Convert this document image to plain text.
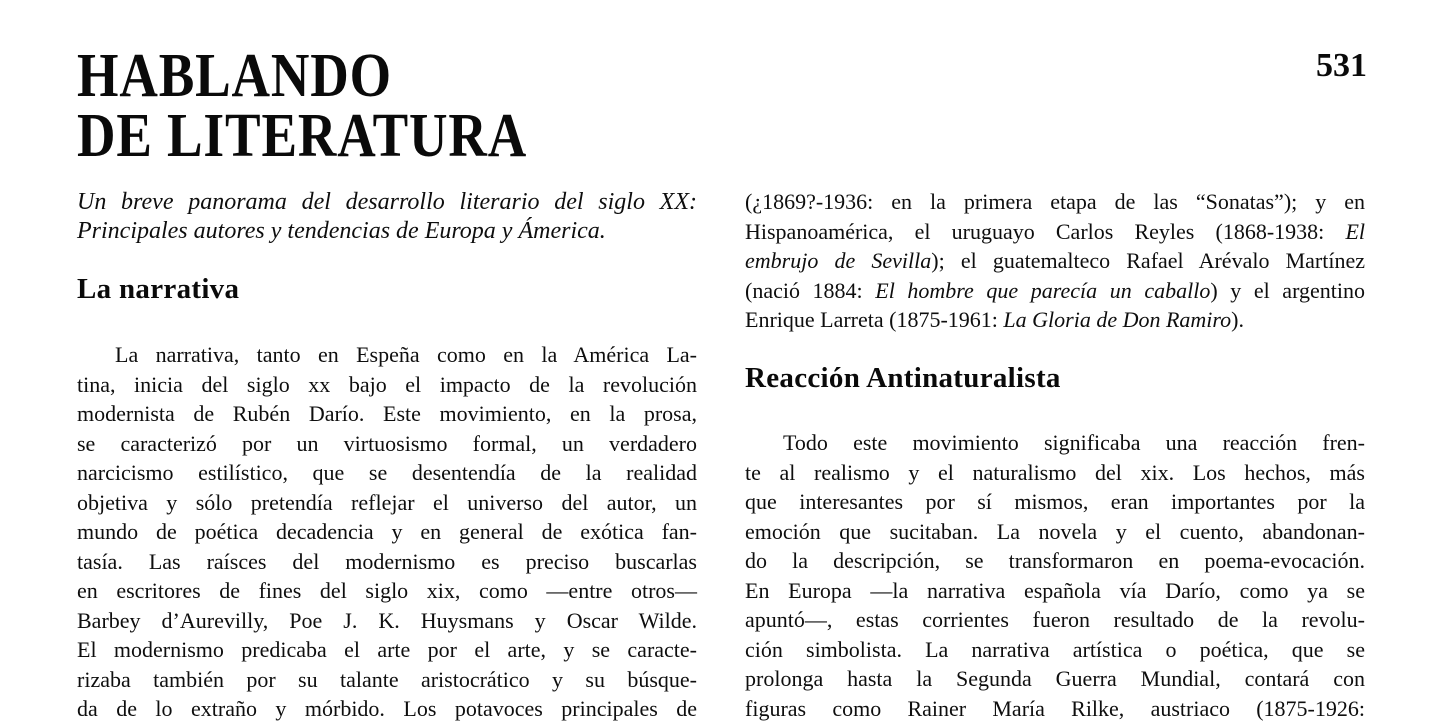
531
HABLANDO
DE LITERATURA
Un breve panorama del desarrollo literario del siglo XX:
Principales autores y tendencias de Europa y Ámerica.
La narrativa
La narrativa, tanto en Espeña como en la América La-
tina, inicia del siglo xx bajo el impacto de la revolución
modernista de Rubén Darío. Este movimiento, en la prosa,
se caracterizó por un virtuosismo formal, un verdadero
narcicismo estilístico, que se desentendía de la realidad
objetiva y sólo pretendía reflejar el universo del autor, un
mundo de poética decadencia y en general de exótica fan-
tasía. Las raísces del modernismo es preciso buscarlas
en escritores de fines del siglo xix, como —entre otros—
Barbey d’Aurevilly, Poe J. K. Huysmans y Oscar Wilde.
El modernismo predicaba el arte por el arte, y se caracte-
rizaba también por su talante aristocrático y su búsque-
da de lo extraño y mórbido. Los potavoces principales de
(¿1869?-1936: en la primera etapa de las “Sonatas”); y en
Hispanoamérica, el uruguayo Carlos Reyles (1868-1938: El
embrujo de Sevilla); el guatemalteco Rafael Arévalo Martínez
(nació 1884: El hombre que parecía un caballo) y el argentino
Enrique Larreta (1875-1961: La Gloria de Don Ramiro).
Reacción Antinaturalista
Todo este movimiento significaba una reacción fren-
te al realismo y el naturalismo del xix. Los hechos, más
que interesantes por sí mismos, eran importantes por la
emoción que sucitaban. La novela y el cuento, abandonan-
do la descripción, se transformaron en poema-evocación.
En Europa —la narrativa española vía Darío, como ya se
apuntó—, estas corrientes fueron resultado de la revolu-
ción simbolista. La narrativa artística o poética, que se
prolonga hasta la Segunda Guerra Mundial, contará con
figuras como Rainer María Rilke, austriaco (1875-1926:
